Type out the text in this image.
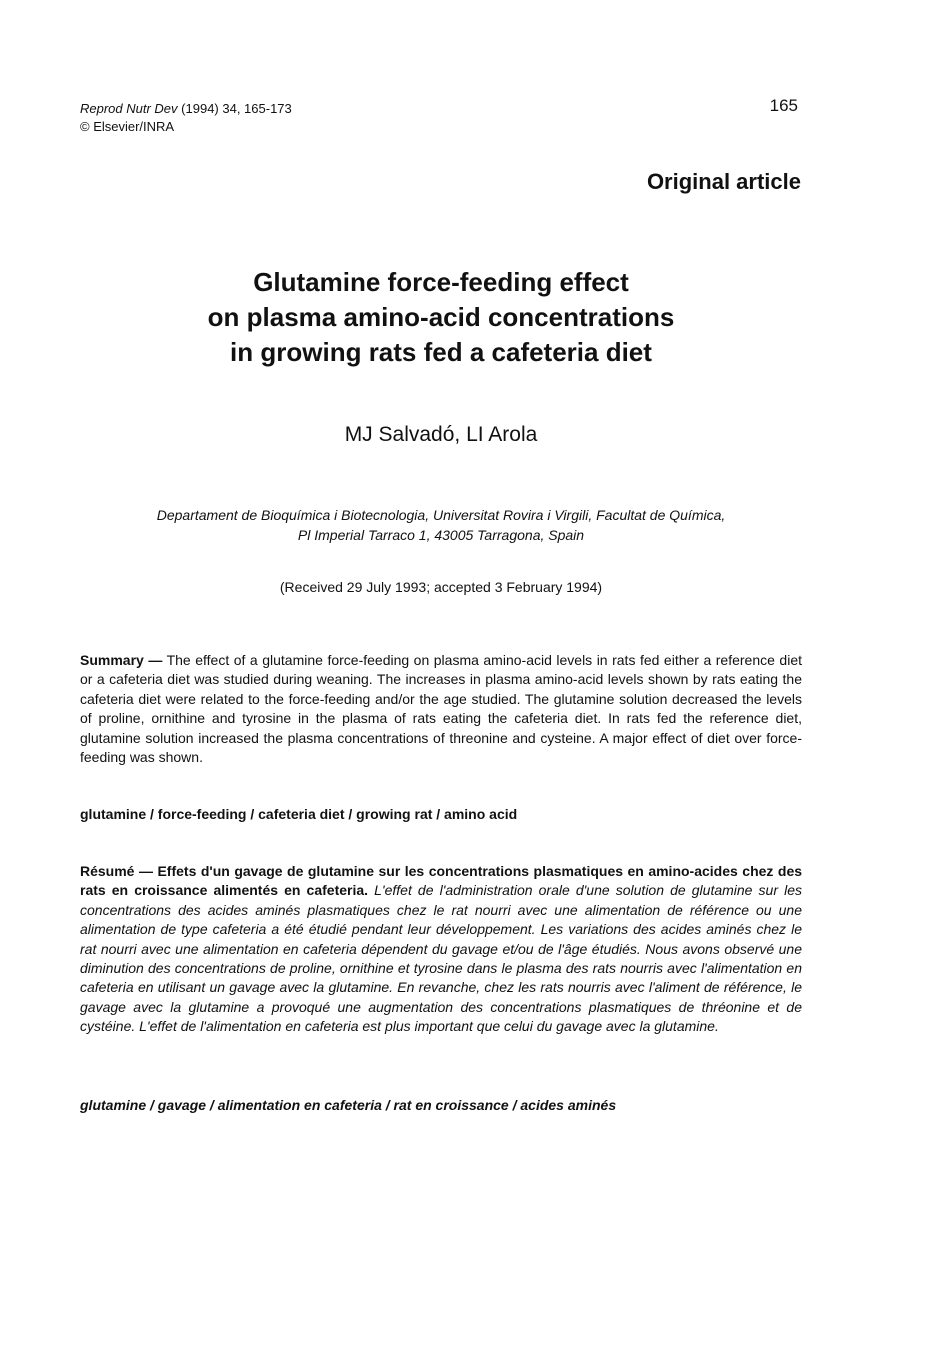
Reprod Nutr Dev (1994) 34, 165-173
© Elsevier/INRA
165
Original article
Glutamine force-feeding effect
on plasma amino-acid concentrations
in growing rats fed a cafeteria diet
MJ Salvadó, LI Arola
Departament de Bioquímica i Biotecnologia, Universitat Rovira i Virgili, Facultat de Química,
Pl Imperial Tarraco 1, 43005 Tarragona, Spain
(Received 29 July 1993; accepted 3 February 1994)

Summary — The effect of a glutamine force-feeding on plasma amino-acid levels in rats fed either a reference diet or a cafeteria diet was studied during weaning. The increases in plasma amino-acid levels shown by rats eating the cafeteria diet were related to the force-feeding and/or the age studied. The glutamine solution decreased the levels of proline, ornithine and tyrosine in the plasma of rats eating the cafeteria diet. In rats fed the reference diet, glutamine solution increased the plasma concentrations of threonine and cysteine. A major effect of diet over force-feeding was shown.

glutamine / force-feeding / cafeteria diet / growing rat / amino acid

Résumé — Effets d'un gavage de glutamine sur les concentrations plasmatiques en amino-acides chez des rats en croissance alimentés en cafeteria. L'effet de l'administration orale d'une solution de glutamine sur les concentrations des acides aminés plasmatiques chez le rat nourri avec une alimentation de référence ou une alimentation de type cafeteria a été étudié pendant leur développement. Les variations des acides aminés chez le rat nourri avec une alimentation en cafeteria dépendent du gavage et/ou de l'âge étudiés. Nous avons observé une diminution des concentrations de proline, ornithine et tyrosine dans le plasma des rats nourris avec l'alimentation en cafeteria en utilisant un gavage avec la glutamine. En revanche, chez les rats nourris avec l'aliment de référence, le gavage avec la glutamine a provoqué une augmentation des concentrations plasmatiques de thréonine et de cystéine. L'effet de l'alimentation en cafeteria est plus important que celui du gavage avec la glutamine.

glutamine / gavage / alimentation en cafeteria / rat en croissance / acides aminés
